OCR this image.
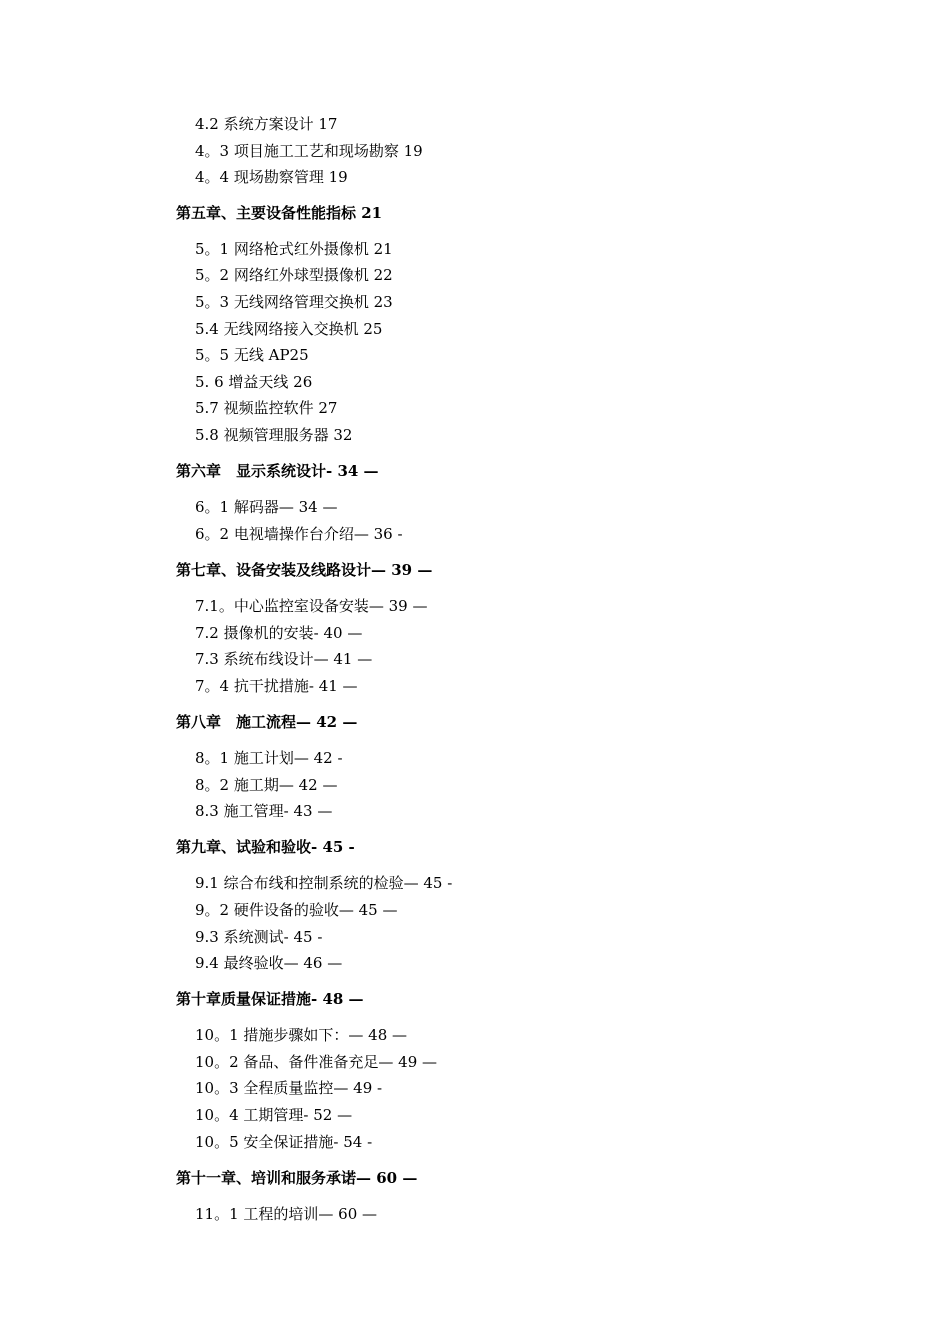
4.2 系统方案设计 17
4。3 项目施工工艺和现场勘察 19
4。4 现场勘察管理 19
第五章、主要设备性能指标 21
5。1 网络枪式红外摄像机 21
5。2 网络红外球型摄像机 22
5。3 无线网络管理交换机 23
5.4 无线网络接入交换机 25
5。5 无线 AP25
5. 6 增益天线 26
5.7 视频监控软件 27
5.8 视频管理服务器 32
第六章　显示系统设计- 34 —
6。1 解码器— 34 —
6。2 电视墙操作台介绍— 36 -
第七章、设备安装及线路设计— 39 —
7.1。中心监控室设备安装— 39 —
7.2 摄像机的安装- 40 —
7.3 系统布线设计— 41 —
7。4 抗干扰措施- 41 —
第八章　施工流程— 42 —
8。1 施工计划— 42 -
8。2 施工期— 42 —
8.3 施工管理- 43 —
第九章、试验和验收- 45 -
9.1 综合布线和控制系统的检验— 45 -
9。2 硬件设备的验收— 45 —
9.3 系统测试- 45 -
9.4 最终验收— 46 —
第十章质量保证措施- 48 —
10。1 措施步骤如下：— 48 —
10。2 备品、备件准备充足— 49 —
10。3 全程质量监控— 49 -
10。4 工期管理- 52 —
10。5 安全保证措施- 54 -
第十一章、培训和服务承诺— 60 —
11。1 工程的培训— 60 —
